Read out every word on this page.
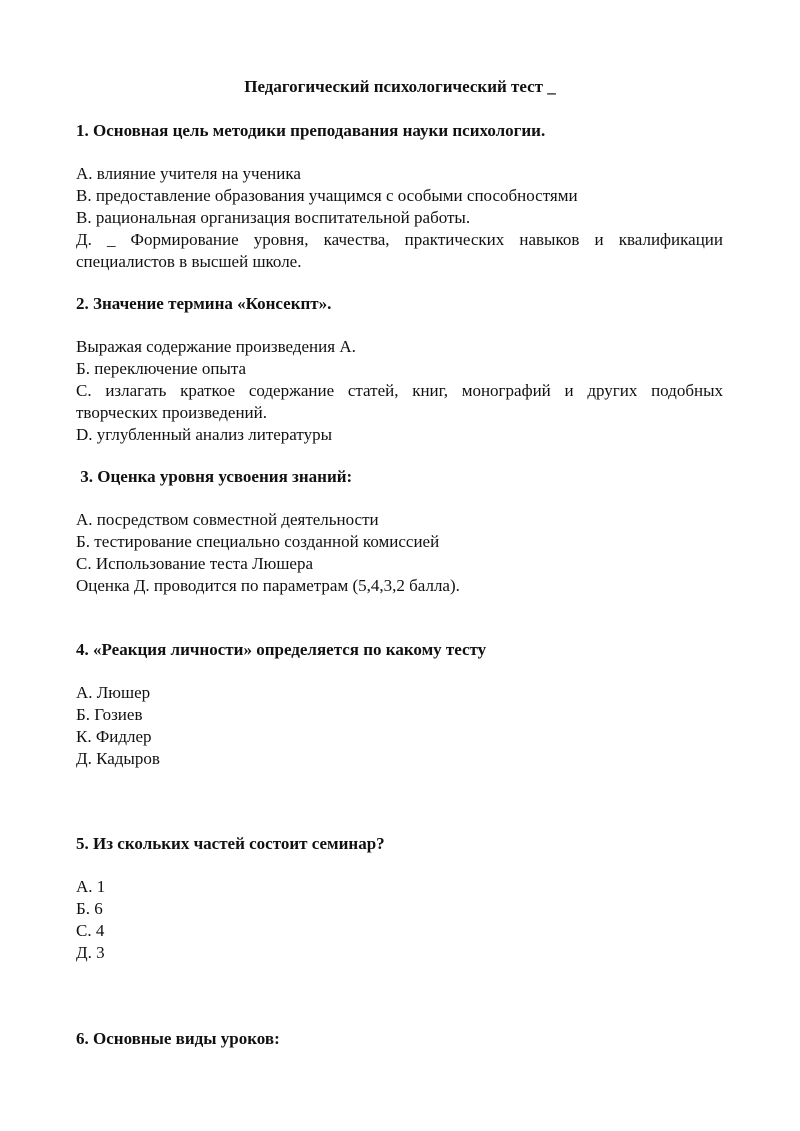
Педагогический психологический тест _
1. Основная цель методики преподавания науки психологии.
А. влияние учителя на ученика
В. предоставление образования учащимся с особыми способностями
В. рациональная организация воспитательной работы.
Д. _ Формирование уровня, качества, практических навыков и квалификации специалистов в высшей школе.
2. Значение термина «Консекпт».
Выражая содержание произведения А.
Б. переключение опыта
C. излагать краткое содержание статей, книг, монографий и других подобных творческих произведений.
D. углубленный анализ литературы
3. Оценка уровня усвоения знаний:
А. посредством совместной деятельности
Б. тестирование специально созданной комиссией
C. Использование теста Люшера
Оценка Д. проводится по параметрам (5,4,3,2 балла).
4. «Реакция личности» определяется по какому тесту
А. Люшер
Б. Гозиев
К. Фидлер
Д. Кадыров
5. Из скольких частей состоит семинар?
А. 1
Б. 6
С. 4
Д. 3
6. Основные виды уроков:
